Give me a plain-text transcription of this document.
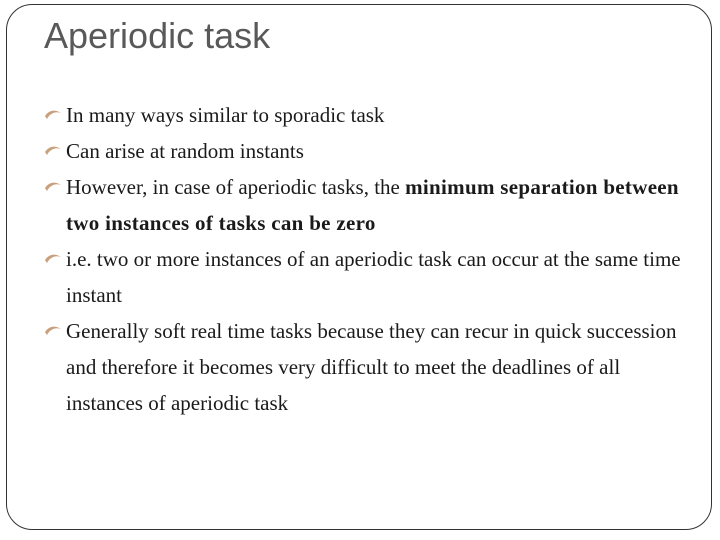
Aperiodic task
In many ways similar to sporadic task
Can arise at random instants
However, in case of aperiodic tasks, the minimum separation between two instances of tasks can be zero
i.e. two or more instances of an aperiodic task can occur at the same time instant
Generally soft real time tasks because they can recur in quick succession and therefore it becomes very difficult to meet the deadlines of all instances of aperiodic task
